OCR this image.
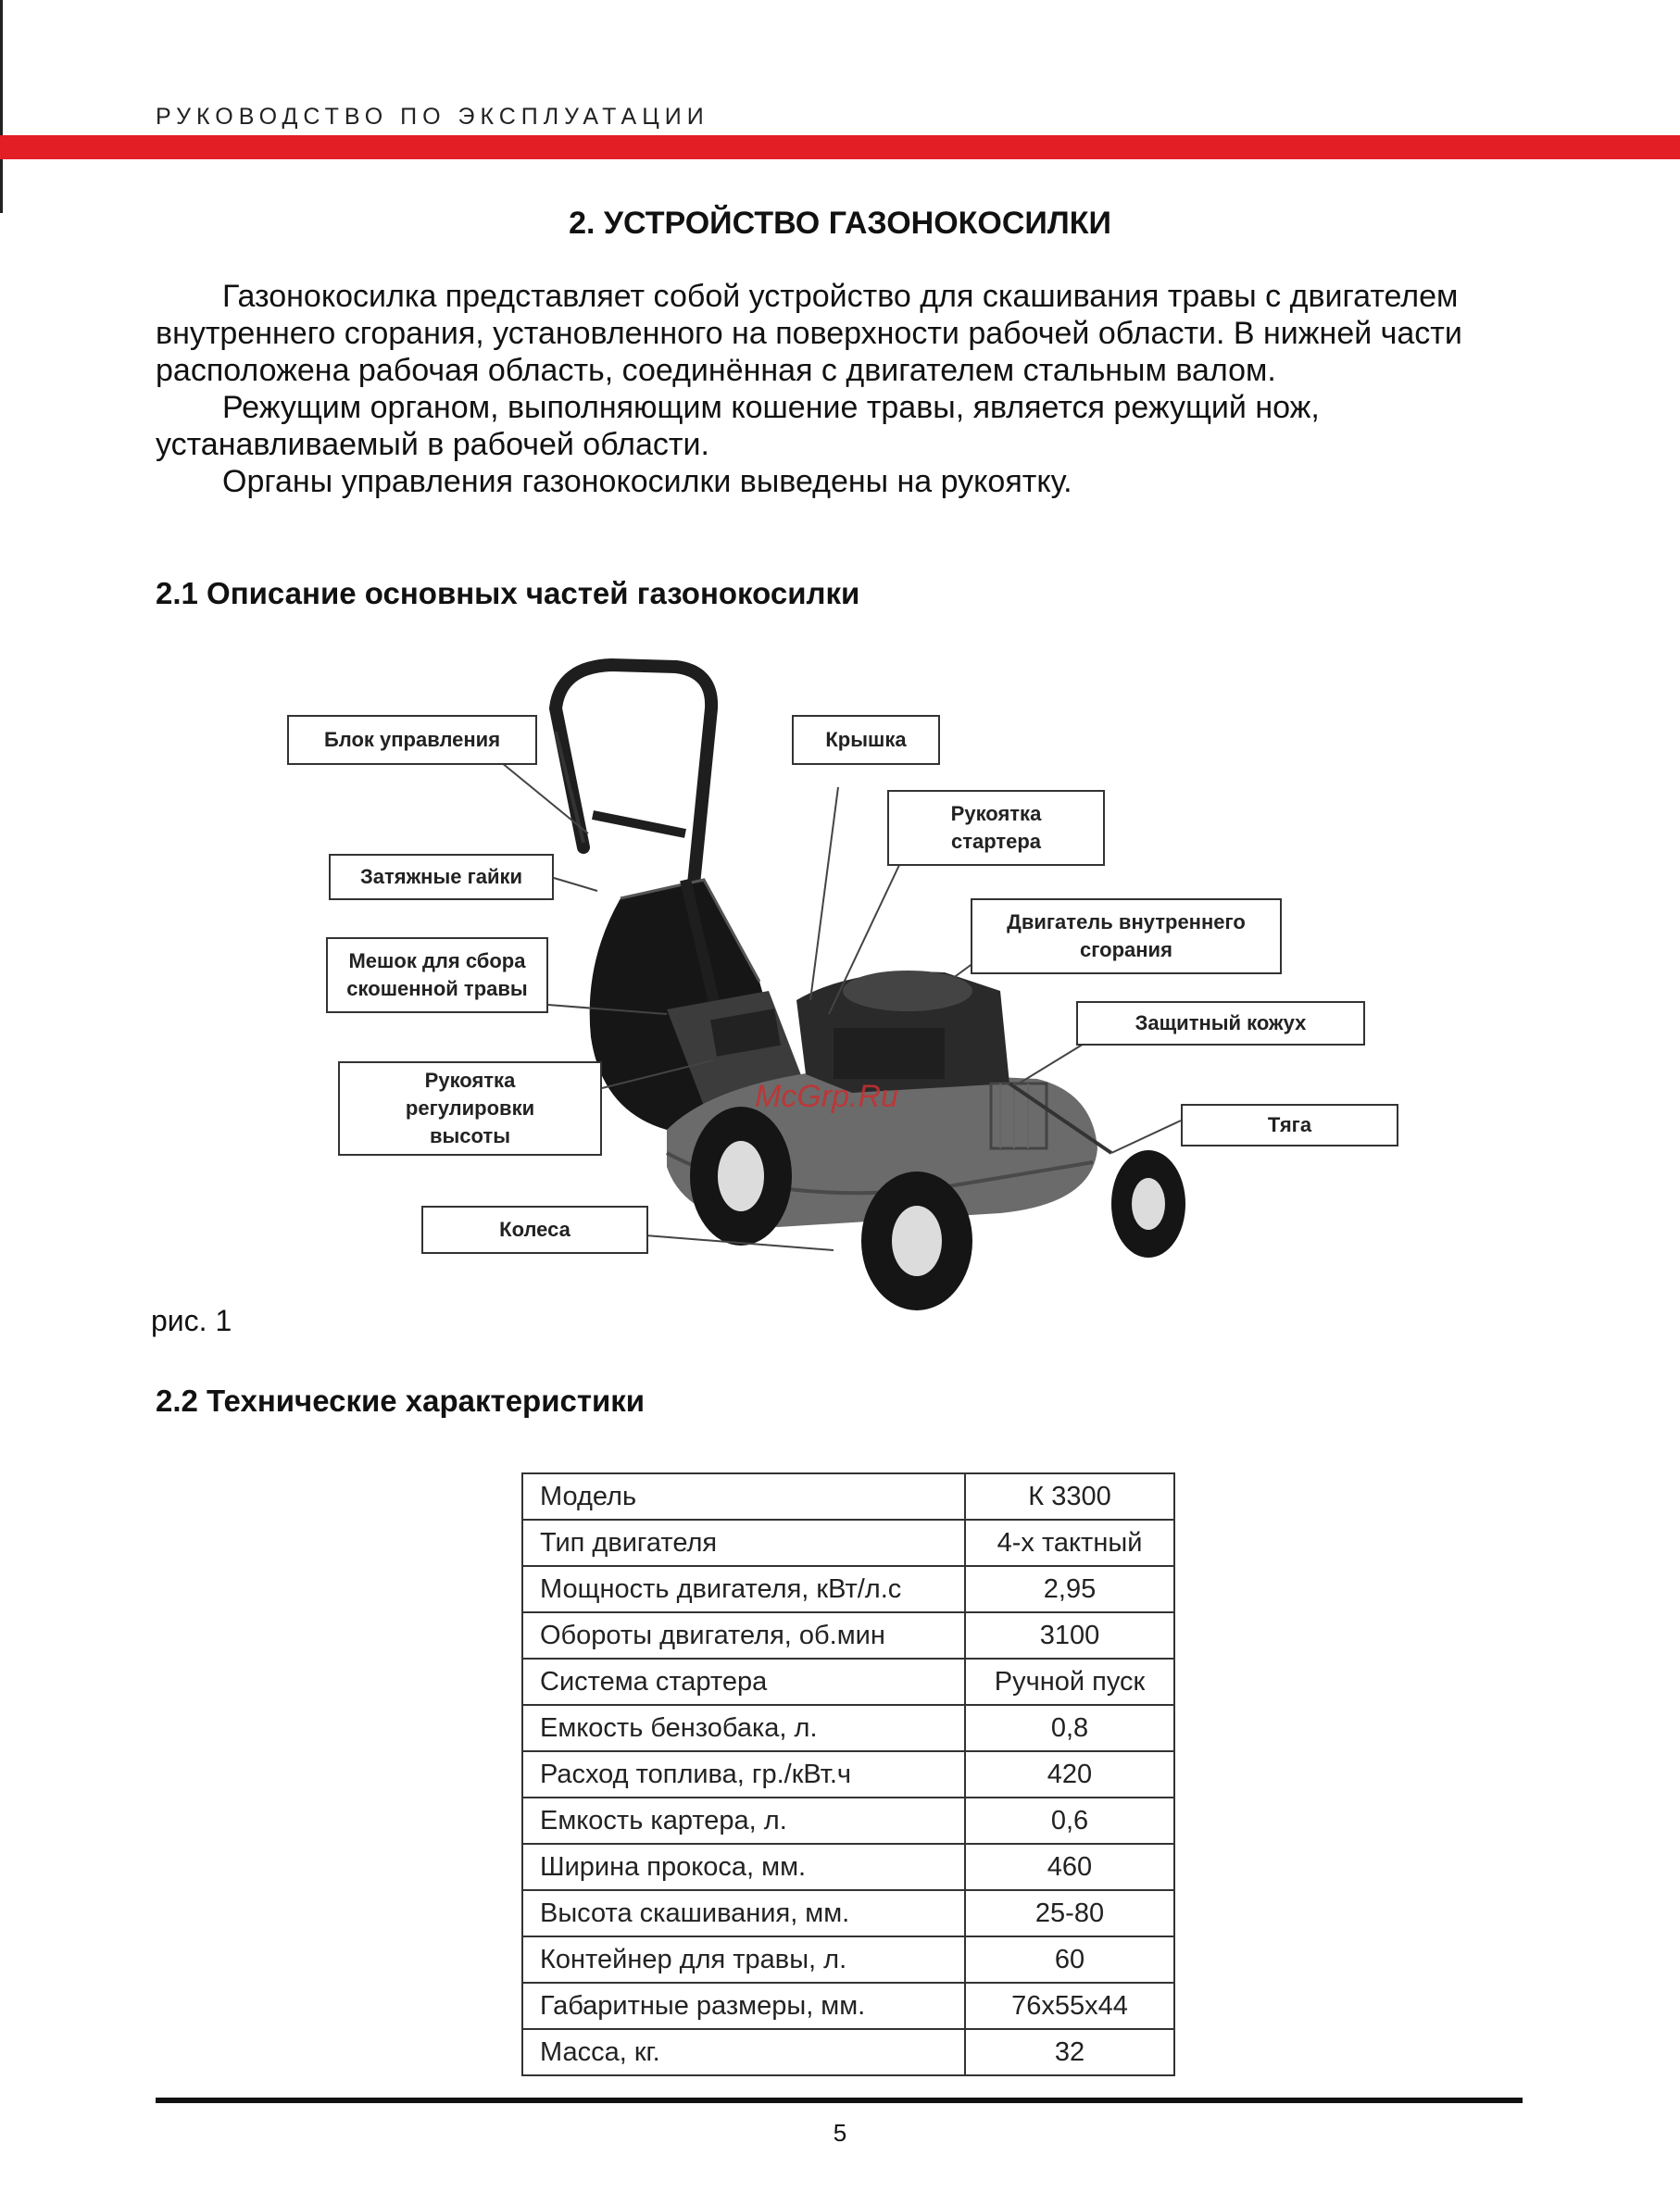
РУКОВОДСТВО ПО ЭКСПЛУАТАЦИИ
2. УСТРОЙСТВО ГАЗОНОКОСИЛКИ

Газонокосилка представляет собой устройство для скашивания травы с двигателем внутреннего сгорания, установленного на поверхности рабочей области. В нижней части расположена рабочая область, соединённая с двигателем стальным валом.

Режущим органом, выполняющим кошение травы, является режущий нож, устанавливаемый в рабочей области.

Органы управления газонокосилки выведены на рукоятку.

2.1 Описание основных частей газонокосилки
Блок управления	Крышка
Рукоятка
стартера
Затяжные гайки
Двигатель внутреннего
сгорания
Мешок для сбора
скошенной травы
Защитный кожух
Рукоятка
регулировки
высоты	Тяга
Колеса
McGrp.Ru
рис. 1
2.2 Технические характеристики
Модель	К 3300
Тип двигателя	4-х тактный
Мощность двигателя, кВт/л.с	2,95
Обороты двигателя, об.мин	3100
Система стартера	Ручной пуск
Емкость бензобака, л.	0,8
Расход топлива, гр./кВт.ч	420
Емкость картера, л.	0,6
Ширина прокоса, мм.	460
Высота скашивания, мм.	25-80
Контейнер для травы, л.	60
Габаритные размеры, мм.	76х55х44
Масса, кг.	32
5
